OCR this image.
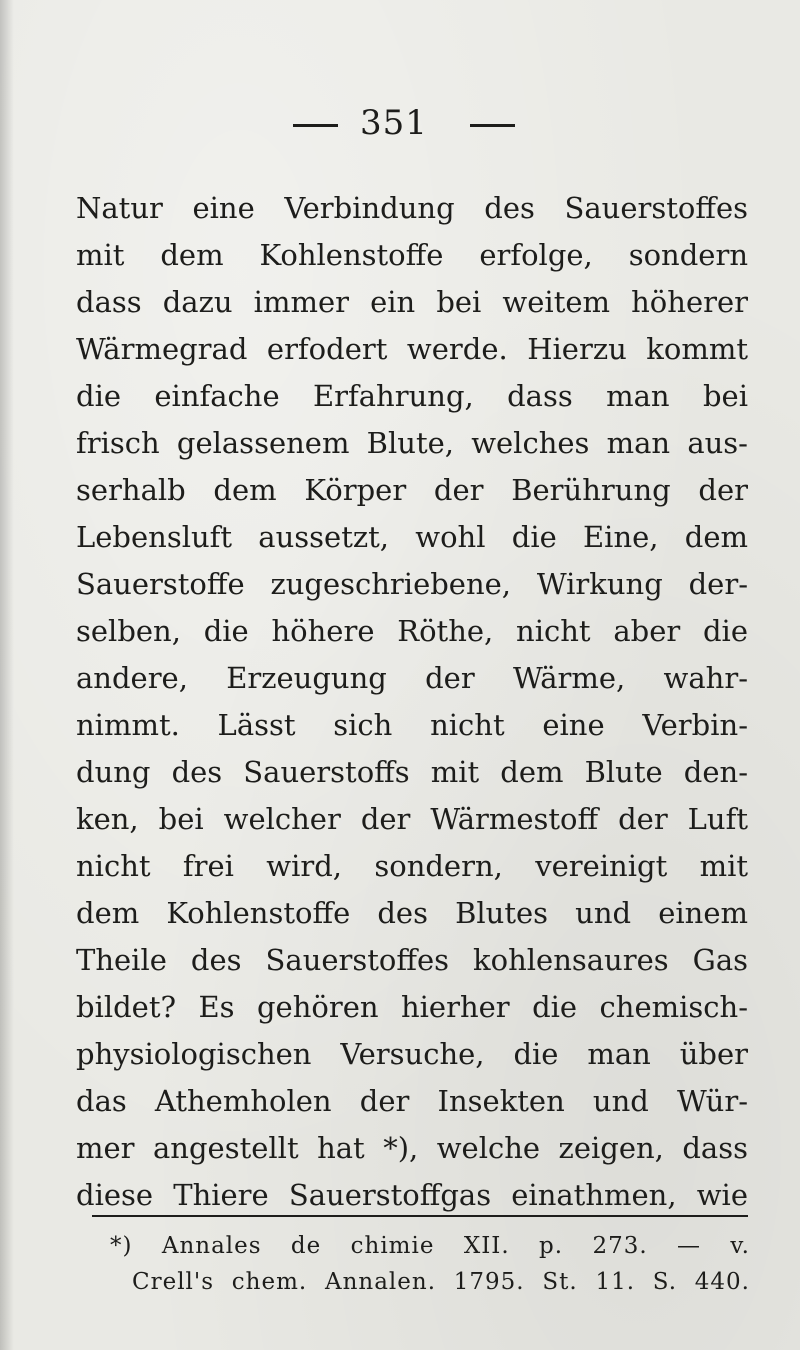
351
Natur eine Verbindung des Sauerstoffes
mit dem Kohlenstoffe erfolge, sondern
dass dazu immer ein bei weitem höherer
Wärmegrad erfodert werde. Hierzu kommt
die einfache Erfahrung, dass man bei
frisch gelassenem Blute, welches man aus-
serhalb dem Körper der Berührung der
Lebensluft aussetzt, wohl die Eine, dem
Sauerstoffe zugeschriebene, Wirkung der-
selben, die höhere Röthe, nicht aber die
andere, Erzeugung der Wärme, wahr-
nimmt. Lässt sich nicht eine Verbin-
dung des Sauerstoffs mit dem Blute den-
ken, bei welcher der Wärmestoff der Luft
nicht frei wird, sondern, vereinigt mit
dem Kohlenstoffe des Blutes und einem
Theile des Sauerstoffes kohlensaures Gas
bildet? Es gehören hierher die chemisch-
physiologischen Versuche, die man über
das Athemholen der Insekten und Wür-
mer angestellt hat *), welche zeigen, dass
diese Thiere Sauerstoffgas einathmen, wie
*) Annales de chimie XII. p. 273. — v.
Crell's chem. Annalen. 1795. St. 11. S. 440.
